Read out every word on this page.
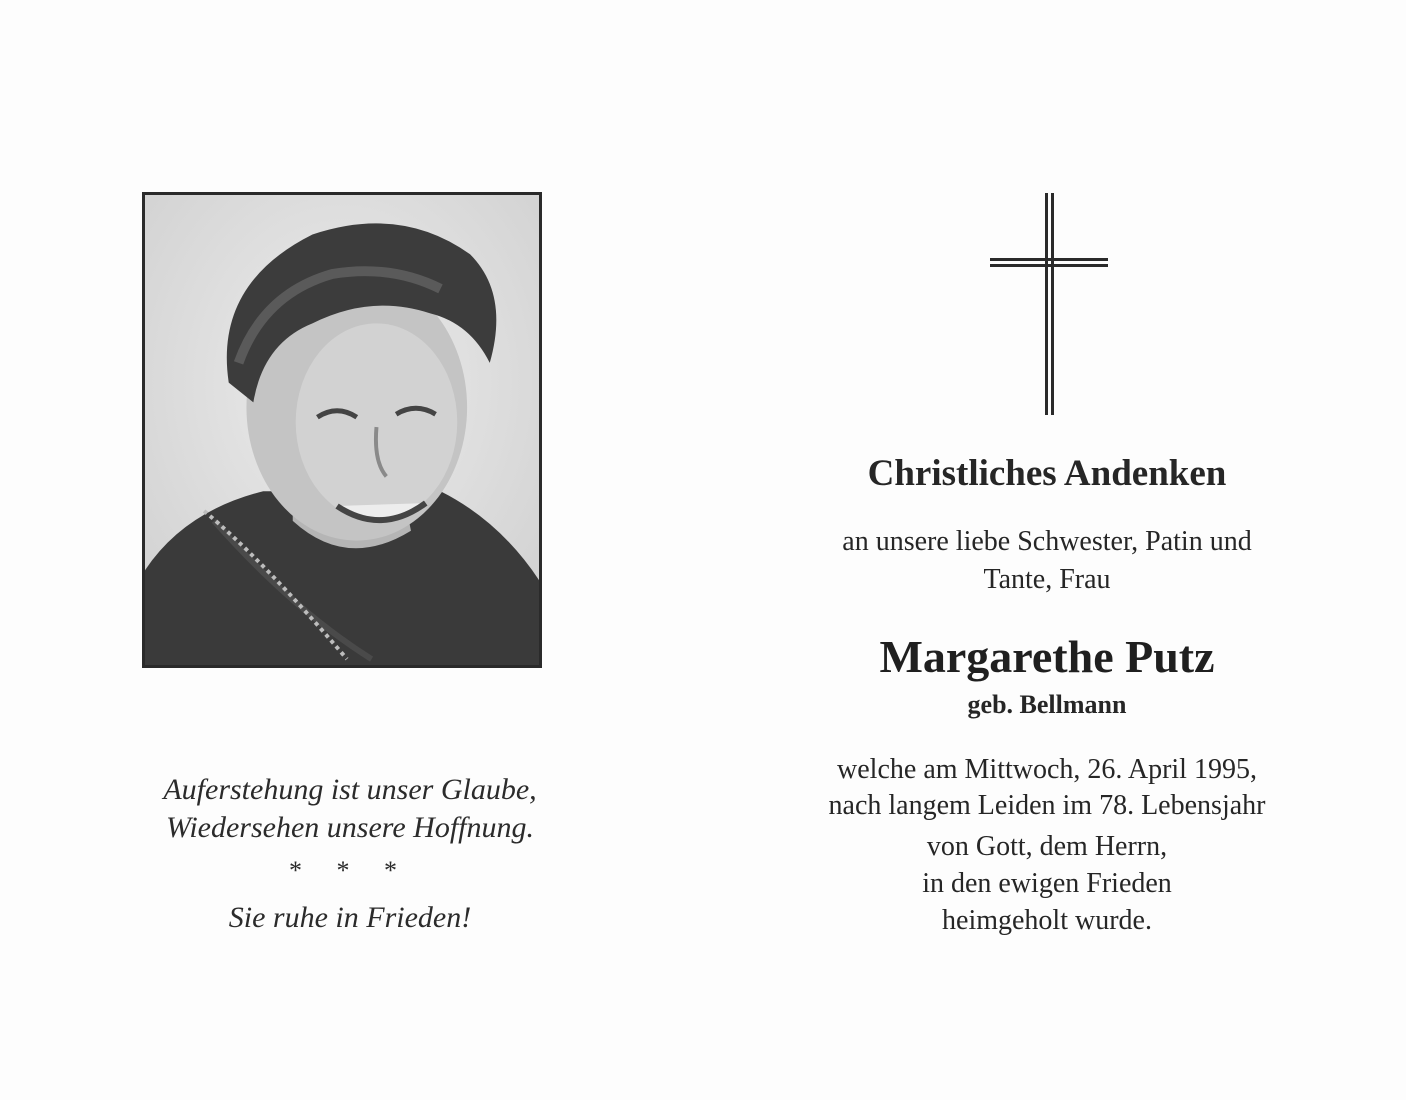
Auferstehung ist unser Glaube,
Wiedersehen unsere Hoffnung.
* * *
Sie ruhe in Frieden!
Christliches Andenken
an unsere liebe Schwester, Patin und
Tante, Frau
Margarethe Putz
geb. Bellmann
welche am Mittwoch, 26. April 1995,
nach langem Leiden im 78. Lebensjahr
von Gott, dem Herrn,
in den ewigen Frieden
heimgeholt wurde.
